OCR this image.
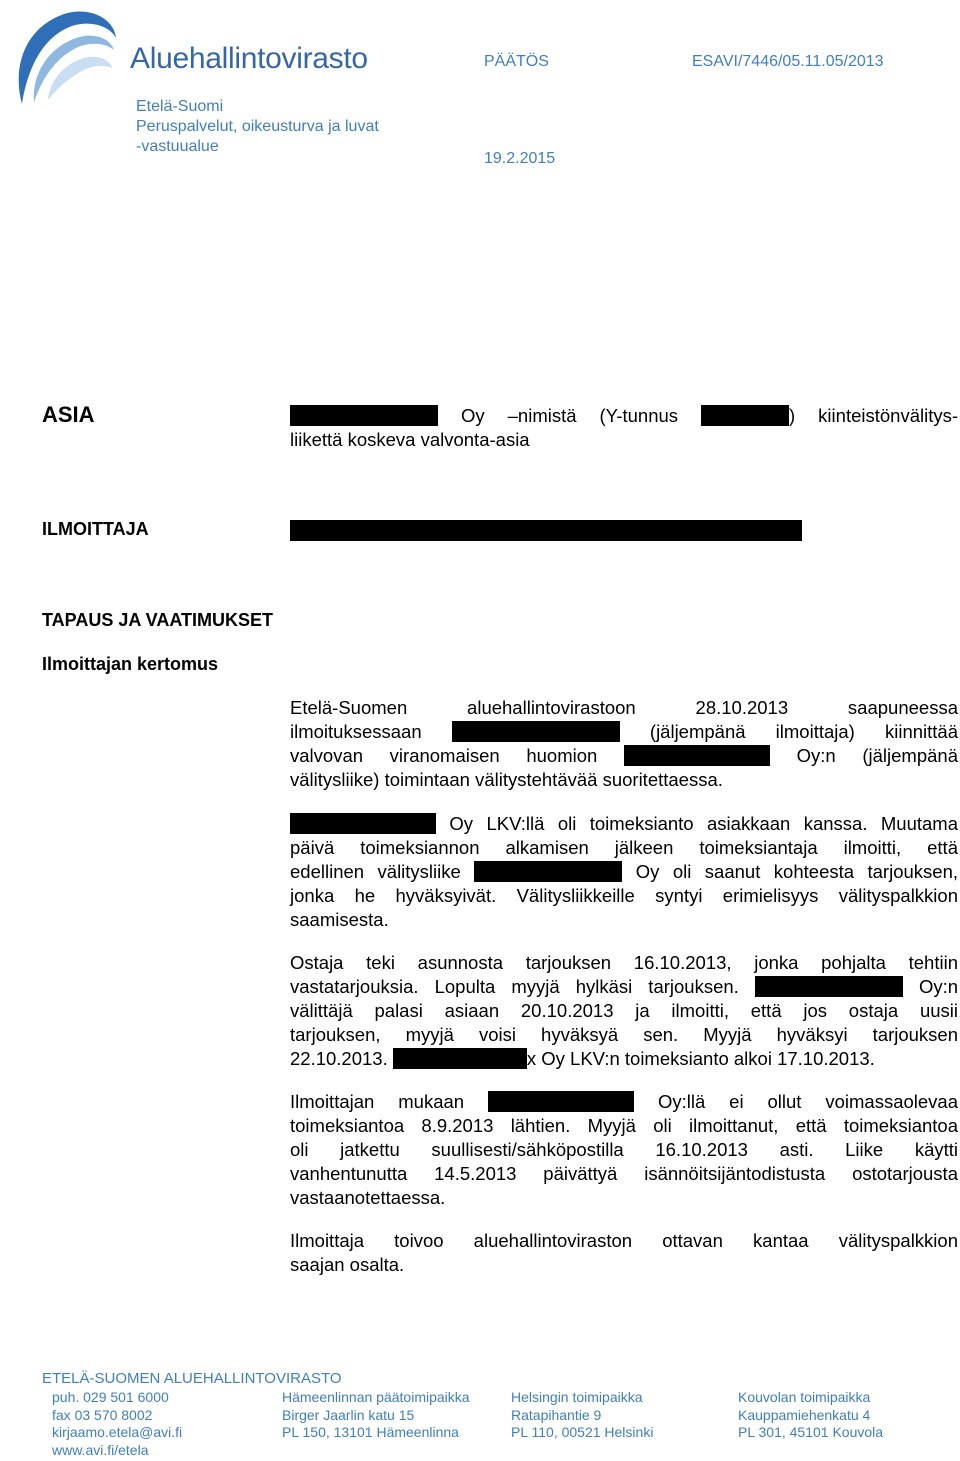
Aluehallintovirasto	PÄÄTÖS	ESAVI/7446/05.11.05/2013
Etelä-Suomi
Peruspalvelut, oikeusturva ja luvat
-vastuualue
19.2.2015
ASIA	Oy –nimistä (Y-tunnus	) kiinteistönvälitys-
liikettä koskeva valvonta-asia
ILMOITTAJA
TAPAUS JA VAATIMUKSET
Ilmoittajan kertomus
Etelä-Suomen aluehallintovirastoon 28.10.2013 saapuneessa
ilmoituksessaan	(jäljempänä ilmoittaja) kiinnittää
valvovan viranomaisen huomion	Oy:n (jäljempänä
välitysliike) toimintaan välitystehtävää suoritettaessa.
Oy LKV:llä oli toimeksianto asiakkaan kanssa. Muutama
päivä toimeksiannon alkamisen jälkeen toimeksiantaja ilmoitti, että
edellinen välitysliike	Oy oli saanut kohteesta tarjouksen,
jonka he hyväksyivät. Välitysliikkeille syntyi erimielisyys välityspalkkion
saamisesta.
Ostaja teki asunnosta tarjouksen 16.10.2013, jonka pohjalta tehtiin
vastatarjouksia. Lopulta myyjä hylkäsi tarjouksen.	Oy:n
välittäjä palasi asiaan 20.10.2013 ja ilmoitti, että jos ostaja uusii
tarjouksen, myyjä voisi hyväksyä sen. Myyjä hyväksyi tarjouksen
22.10.2013.	x Oy LKV:n toimeksianto alkoi 17.10.2013.
Ilmoittajan mukaan	Oy:llä ei ollut voimassaolevaa
toimeksiantoa 8.9.2013 lähtien. Myyjä oli ilmoittanut, että toimeksiantoa
oli jatkettu suullisesti/sähköpostilla 16.10.2013 asti. Liike käytti
vanhentunutta 14.5.2013 päivättyä isännöitsijäntodistusta ostotarjousta
vastaanotettaessa.
Ilmoittaja toivoo aluehallintoviraston ottavan kantaa välityspalkkion
saajan osalta.
ETELÄ-SUOMEN ALUEHALLINTOVIRASTO
puh. 029 501 6000
fax 03 570 8002
kirjaamo.etela@avi.fi
www.avi.fi/etela
Hämeenlinnan päätoimipaikka
Birger Jaarlin katu 15
PL 150, 13101 Hämeenlinna
Helsingin toimipaikka
Ratapihantie 9
PL 110, 00521 Helsinki
Kouvolan toimipaikka
Kauppamiehenkatu 4
PL 301, 45101 Kouvola
